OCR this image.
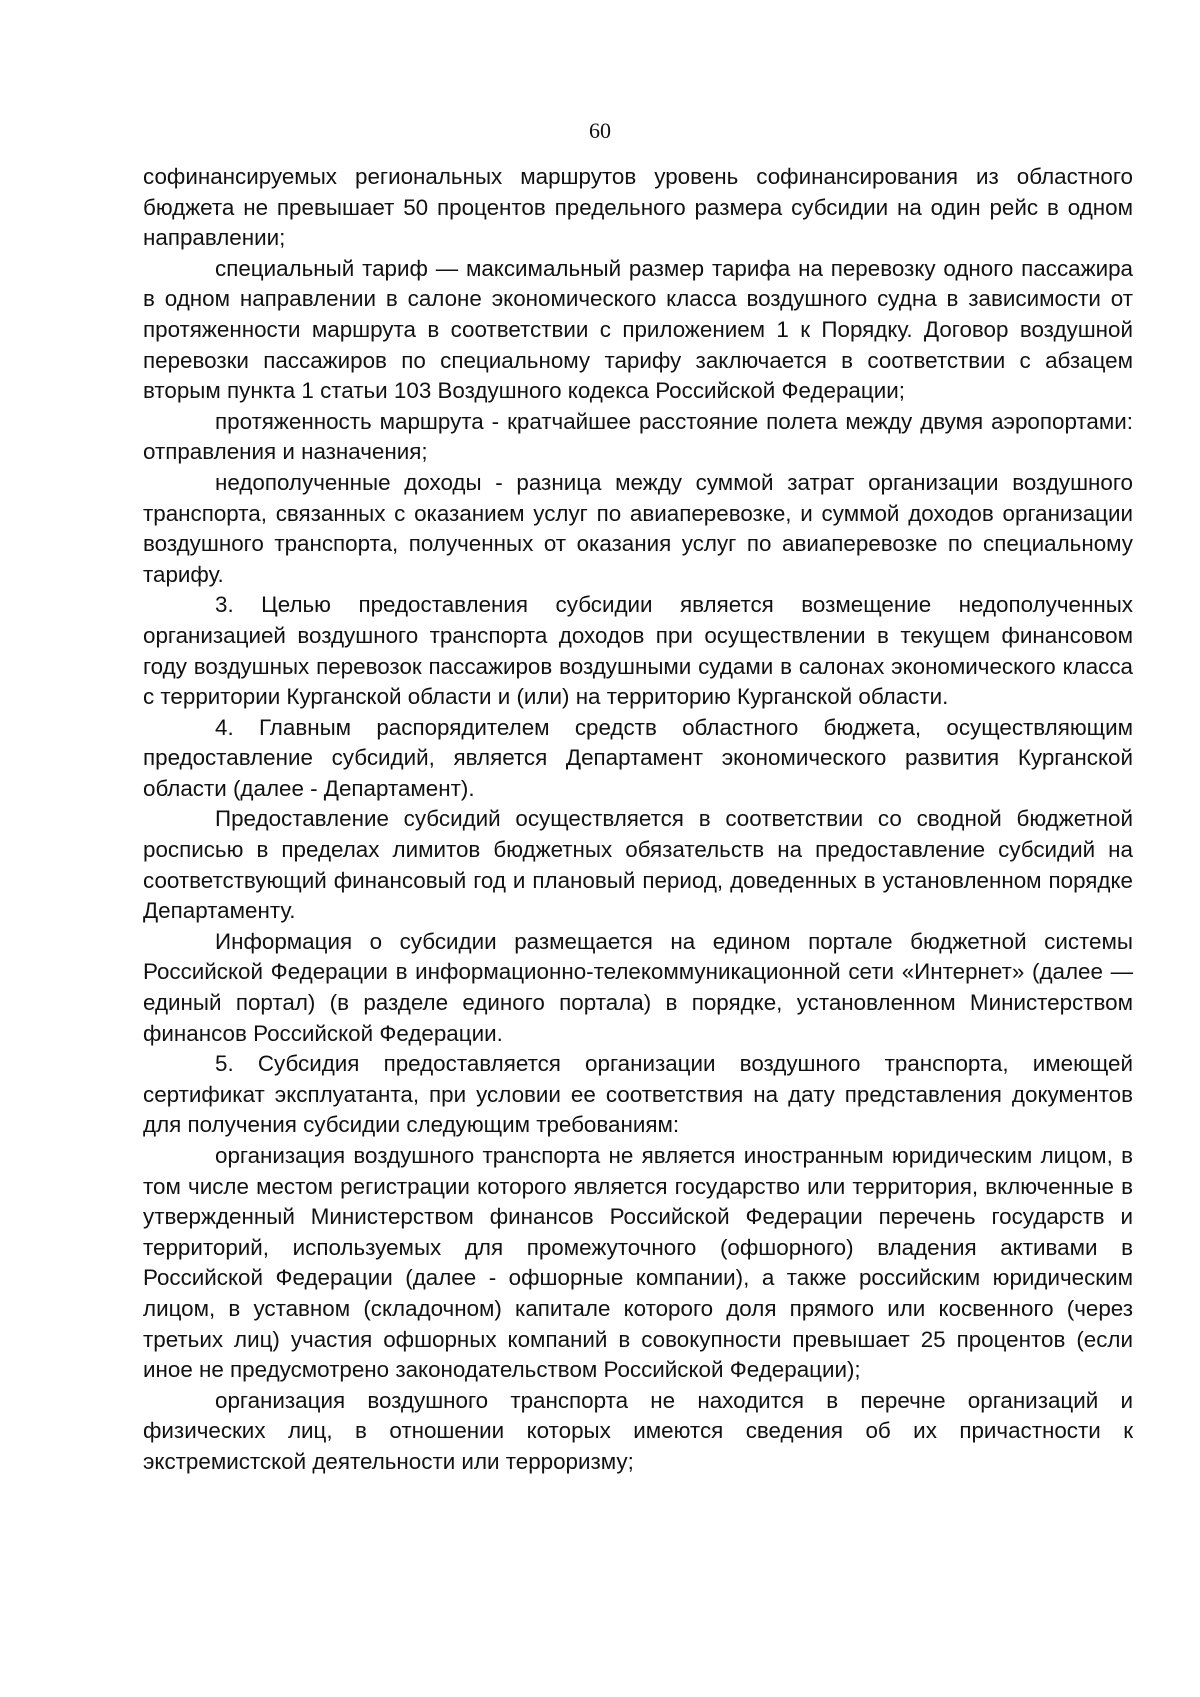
60

софинансируемых региональных маршрутов уровень софинансирования из областного бюджета не превышает 50 процентов предельного размера субсидии на один рейс в одном направлении;

специальный тариф — максимальный размер тарифа на перевозку одного пассажира в одном направлении в салоне экономического класса воздушного судна в зависимости от протяженности маршрута в соответствии с приложением 1 к Порядку. Договор воздушной перевозки пассажиров по специальному тарифу заключается в соответствии с абзацем вторым пункта 1 статьи 103 Воздушного кодекса Российской Федерации;

протяженность маршрута - кратчайшее расстояние полета между двумя аэропортами: отправления и назначения;

недополученные доходы - разница между суммой затрат организации воздушного транспорта, связанных с оказанием услуг по авиаперевозке, и суммой доходов организации воздушного транспорта, полученных от оказания услуг по авиаперевозке по специальному тарифу.

3. Целью предоставления субсидии является возмещение недополученных организацией воздушного транспорта доходов при осуществлении в текущем финансовом году воздушных перевозок пассажиров воздушными судами в салонах экономического класса с территории Курганской области и (или) на территорию Курганской области.

4. Главным распорядителем средств областного бюджета, осуществляющим предоставление субсидий, является Департамент экономического развития Курганской области (далее - Департамент).

Предоставление субсидий осуществляется в соответствии со сводной бюджетной росписью в пределах лимитов бюджетных обязательств на предоставление субсидий на соответствующий финансовый год и плановый период, доведенных в установленном порядке Департаменту.

Информация о субсидии размещается на едином портале бюджетной системы Российской Федерации в информационно-телекоммуникационной сети «Интернет» (далее — единый портал) (в разделе единого портала) в порядке, установленном Министерством финансов Российской Федерации.

5. Субсидия предоставляется организации воздушного транспорта, имеющей сертификат эксплуатанта, при условии ее соответствия на дату представления документов для получения субсидии следующим требованиям:

организация воздушного транспорта не является иностранным юридическим лицом, в том числе местом регистрации которого является государство или территория, включенные в утвержденный Министерством финансов Российской Федерации перечень государств и территорий, используемых для промежуточного (офшорного) владения активами в Российской Федерации (далее - офшорные компании), а также российским юридическим лицом, в уставном (складочном) капитале которого доля прямого или косвенного (через третьих лиц) участия офшорных компаний в совокупности превышает 25 процентов (если иное не предусмотрено законодательством Российской Федерации);

организация воздушного транспорта не находится в перечне организаций и физических лиц, в отношении которых имеются сведения об их причастности к экстремистской деятельности или терроризму;
